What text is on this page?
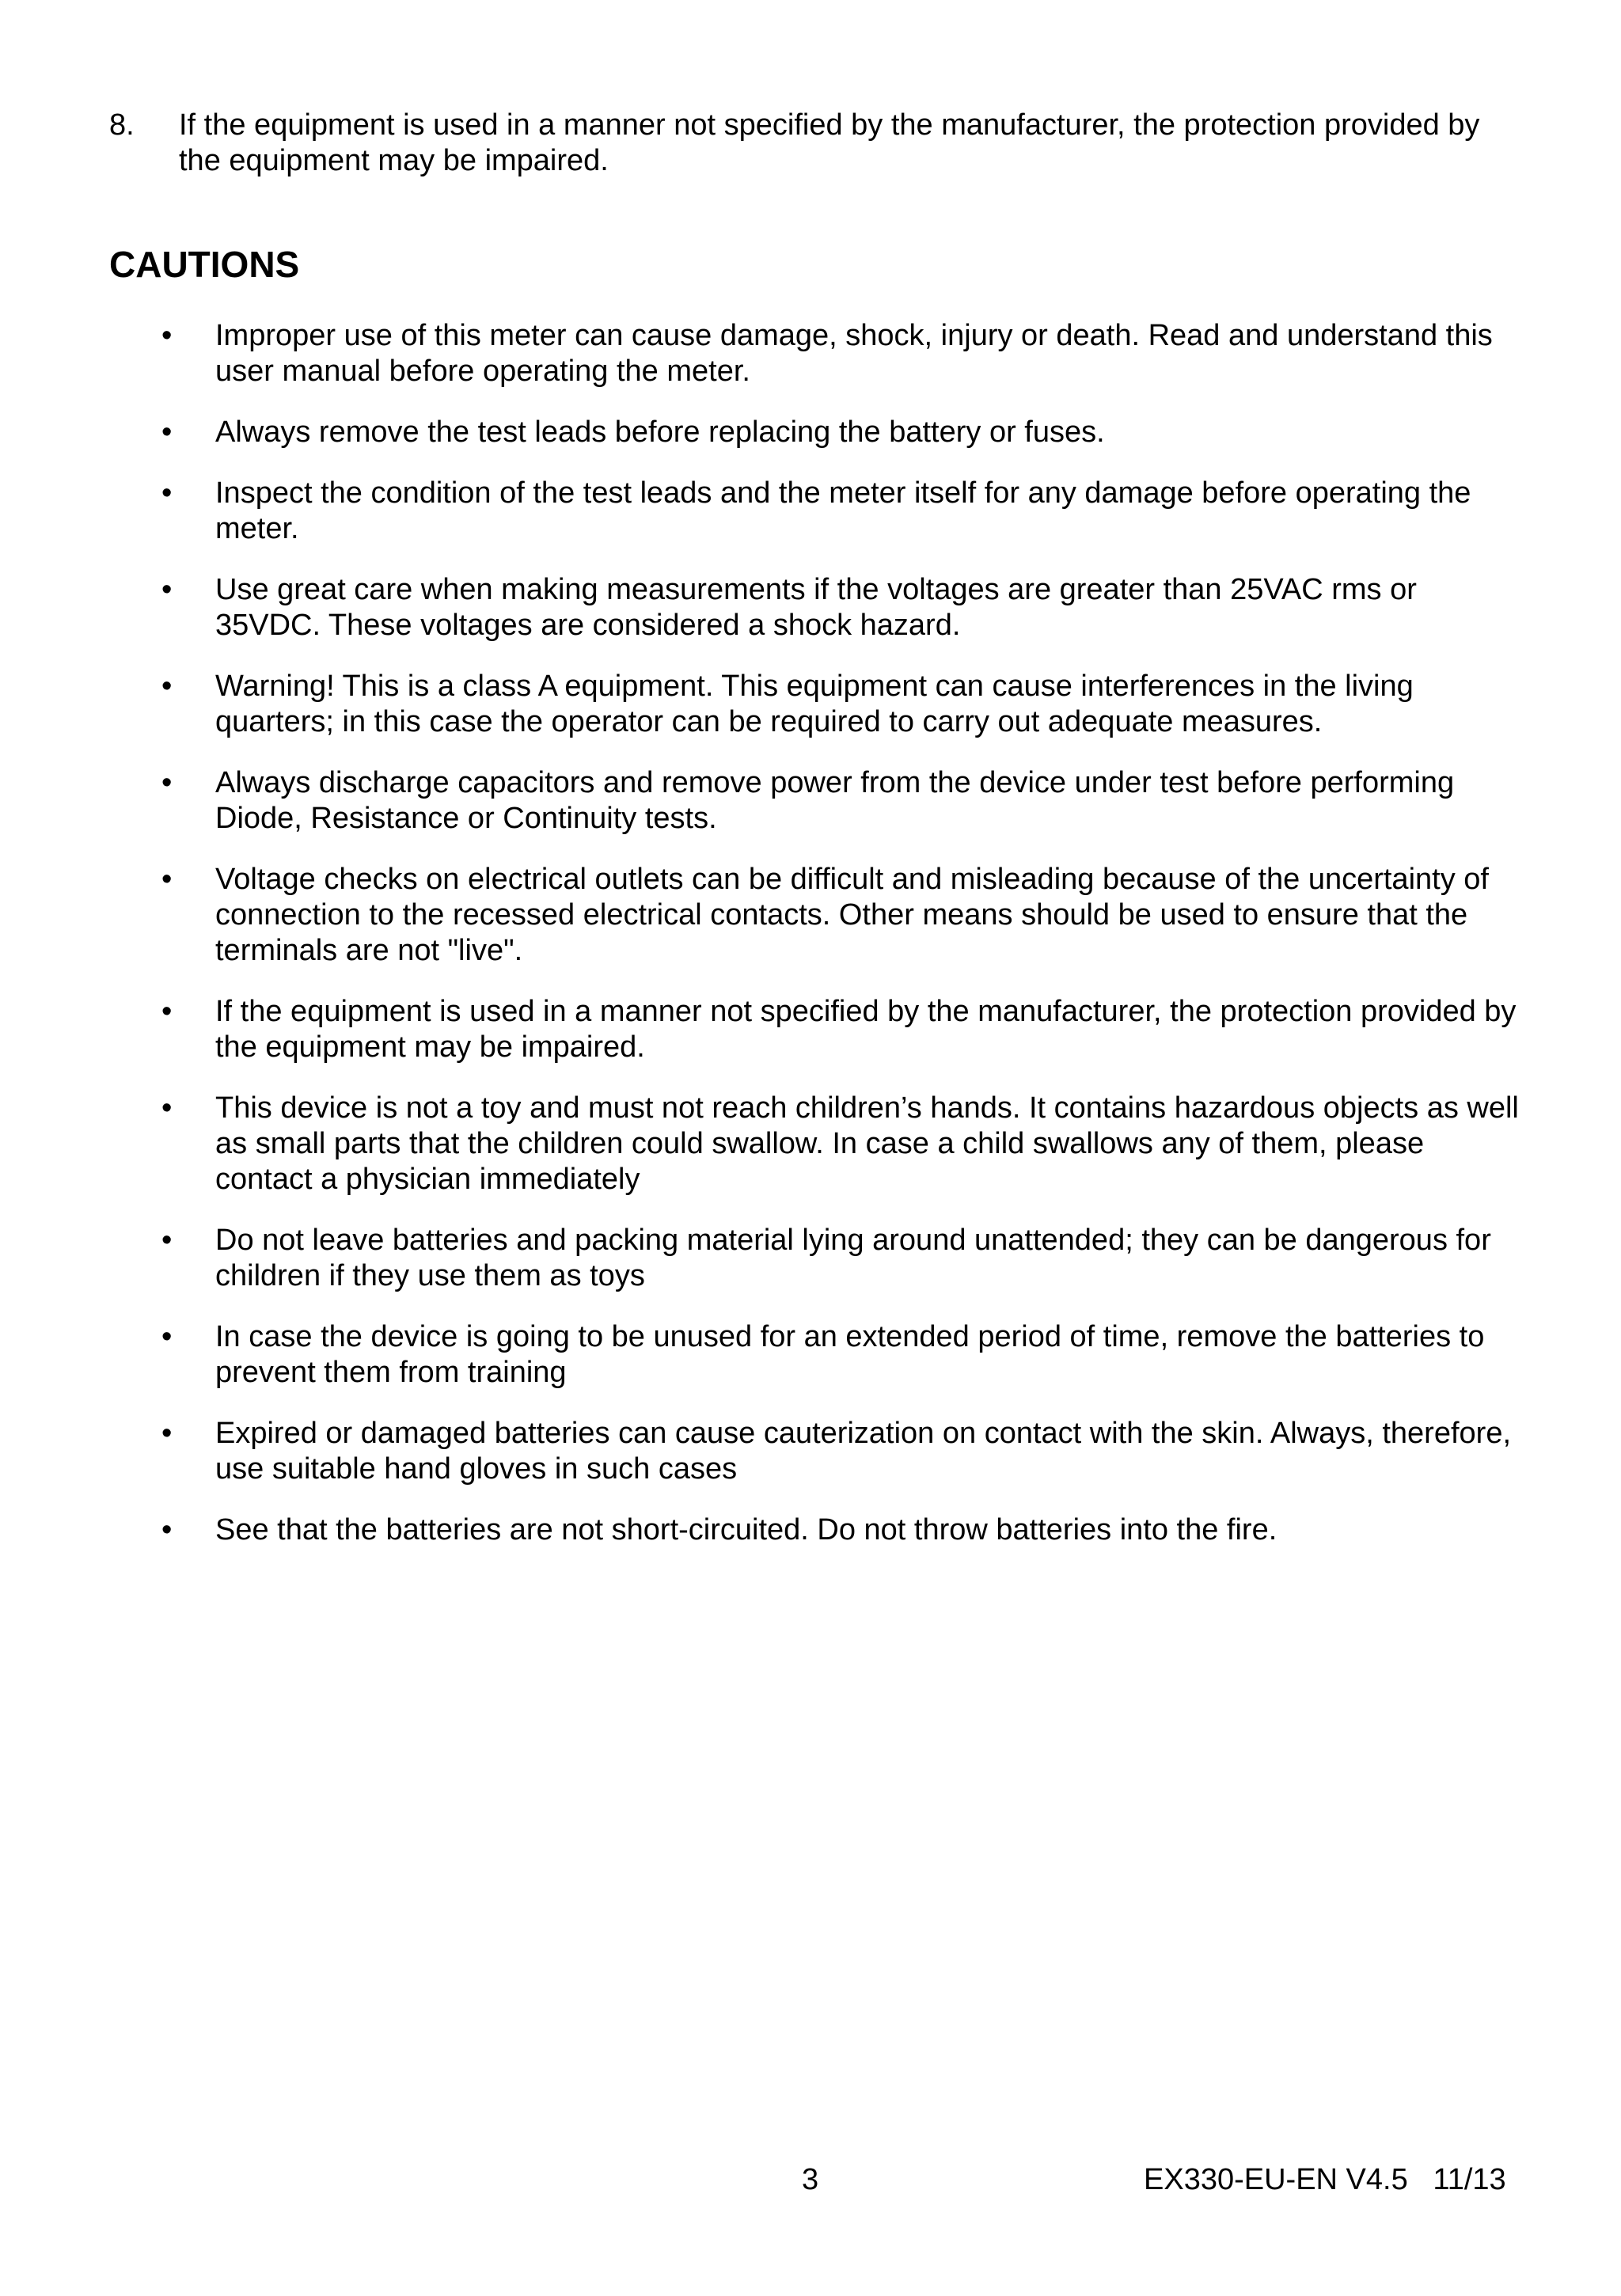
8. If the equipment is used in a manner not specified by the manufacturer, the protection provided by the equipment may be impaired.
CAUTIONS
• Improper use of this meter can cause damage, shock, injury or death. Read and understand this user manual before operating the meter.
• Always remove the test leads before replacing the battery or fuses.
• Inspect the condition of the test leads and the meter itself for any damage before operating the meter.
• Use great care when making measurements if the voltages are greater than 25VAC rms or 35VDC. These voltages are considered a shock hazard.
• Warning! This is a class A equipment. This equipment can cause interferences in the living quarters; in this case the operator can be required to carry out adequate measures.
• Always discharge capacitors and remove power from the device under test before performing Diode, Resistance or Continuity tests.
• Voltage checks on electrical outlets can be difficult and misleading because of the uncertainty of connection to the recessed electrical contacts. Other means should be used to ensure that the terminals are not "live".
• If the equipment is used in a manner not specified by the manufacturer, the protection provided by the equipment may be impaired.
• This device is not a toy and must not reach children’s hands. It contains hazardous objects as well as small parts that the children could swallow. In case a child swallows any of them, please contact a physician immediately
• Do not leave batteries and packing material lying around unattended; they can be dangerous for children if they use them as toys
• In case the device is going to be unused for an extended period of time, remove the batteries to prevent them from training
• Expired or damaged batteries can cause cauterization on contact with the skin. Always, therefore, use suitable hand gloves in such cases
• See that the batteries are not short-circuited. Do not throw batteries into the fire.
3	EX330-EU-EN V4.5   11/13
